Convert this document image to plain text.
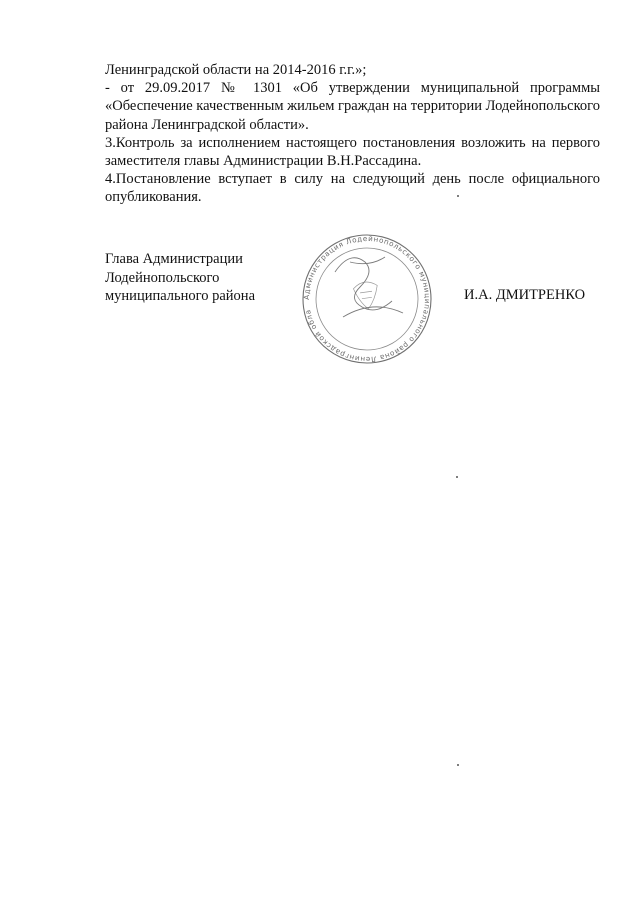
Ленинградской области на 2014-2016 г.г.»;

- от 29.09.2017 № 1301 «Об утверждении муниципальной программы «Обеспечение качественным жильем граждан на территории Лодейнопольского района Ленинградской области».

3.Контроль за исполнением настоящего постановления возложить на первого заместителя главы Администрации В.Н.Рассадина.

4.Постановление вступает в силу на следующий день после официального опубликования.

Глава Администрации
Лодейнопольского
муниципального района	Администрация Лодейнопольского муниципального района Ленинградской области
И.А. ДМИТРЕНКО
